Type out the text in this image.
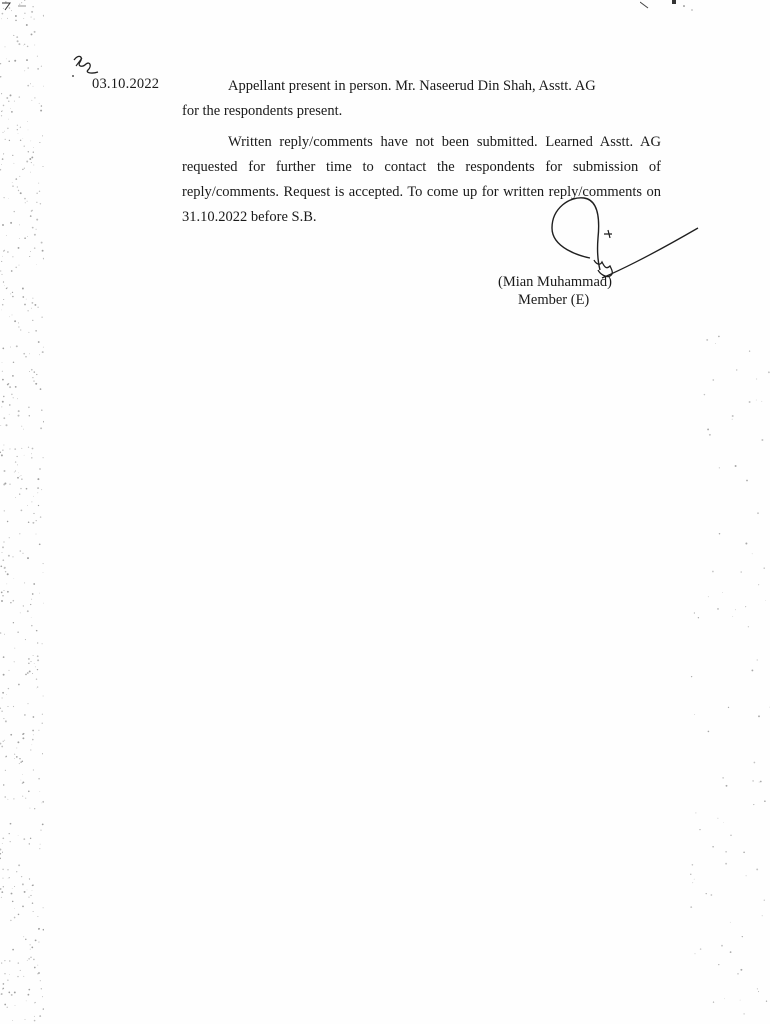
03.10.2022	Appellant present in person. Mr. Naseerud Din Shah, Asstt. AG
for the respondents present.
Written reply/comments have not been submitted. Learned Asstt. AG requested for further time to contact the respondents for submission of reply/comments. Request is accepted. To come up for written reply/comments on 31.10.2022 before S.B.
(Mian Muhammad)
Member (E)
